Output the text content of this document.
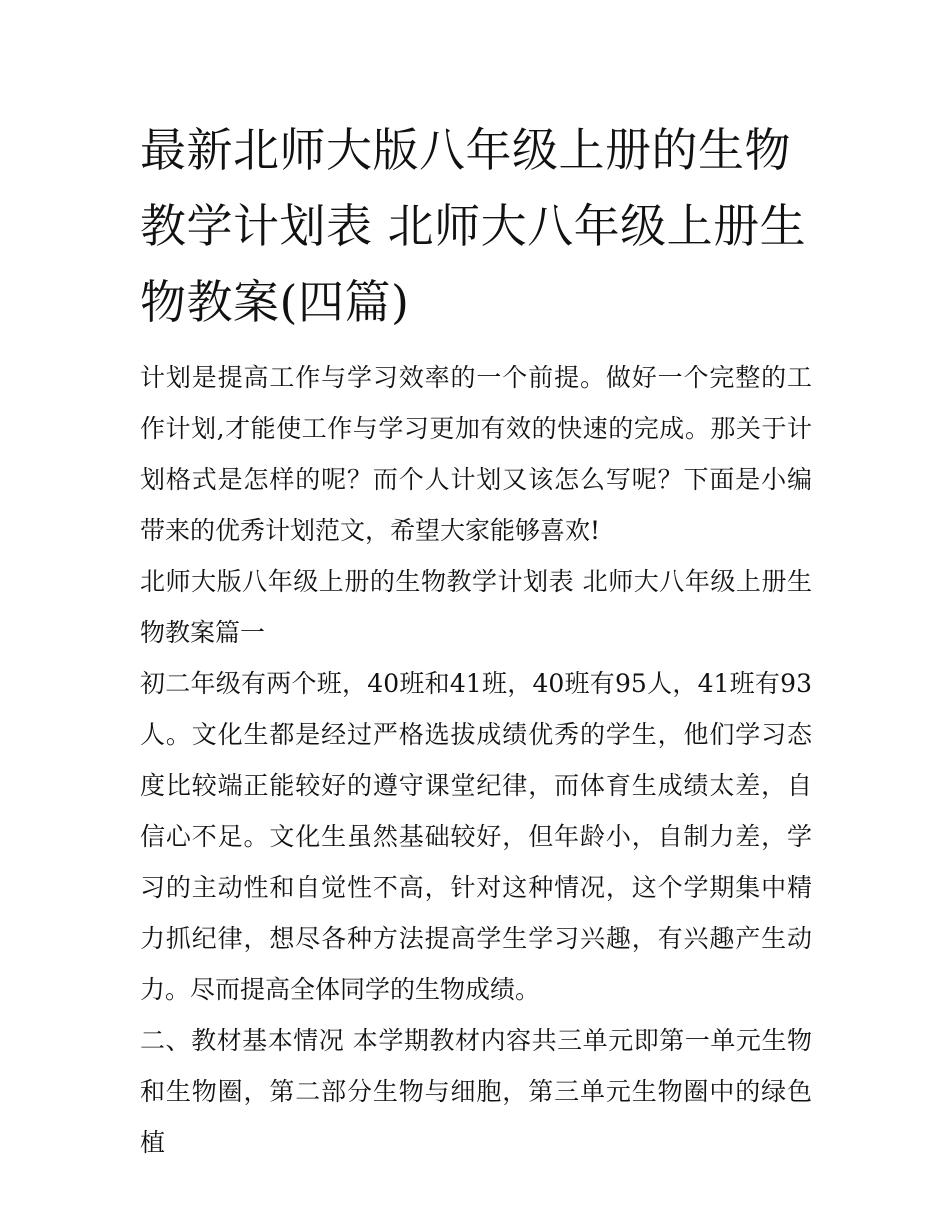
最新北师大版八年级上册的生物教学计划表 北师大八年级上册生物教案(四篇)

计划是提高工作与学习效率的一个前提。做好一个完整的工作计划,才能使工作与学习更加有效的快速的完成。那关于计划格式是怎样的呢？而个人计划又该怎么写呢？下面是小编带来的优秀计划范文，希望大家能够喜欢!

北师大版八年级上册的生物教学计划表 北师大八年级上册生物教案篇一

初二年级有两个班，40班和41班，40班有95人，41班有93人。文化生都是经过严格选拔成绩优秀的学生，他们学习态度比较端正能较好的遵守课堂纪律，而体育生成绩太差，自信心不足。文化生虽然基础较好，但年龄小，自制力差，学习的主动性和自觉性不高，针对这种情况，这个学期集中精力抓纪律，想尽各种方法提高学生学习兴趣，有兴趣产生动力。尽而提高全体同学的生物成绩。

二、教材基本情况 本学期教材内容共三单元即第一单元生物和生物圈，第二部分生物与细胞，第三单元生物圈中的绿色植
